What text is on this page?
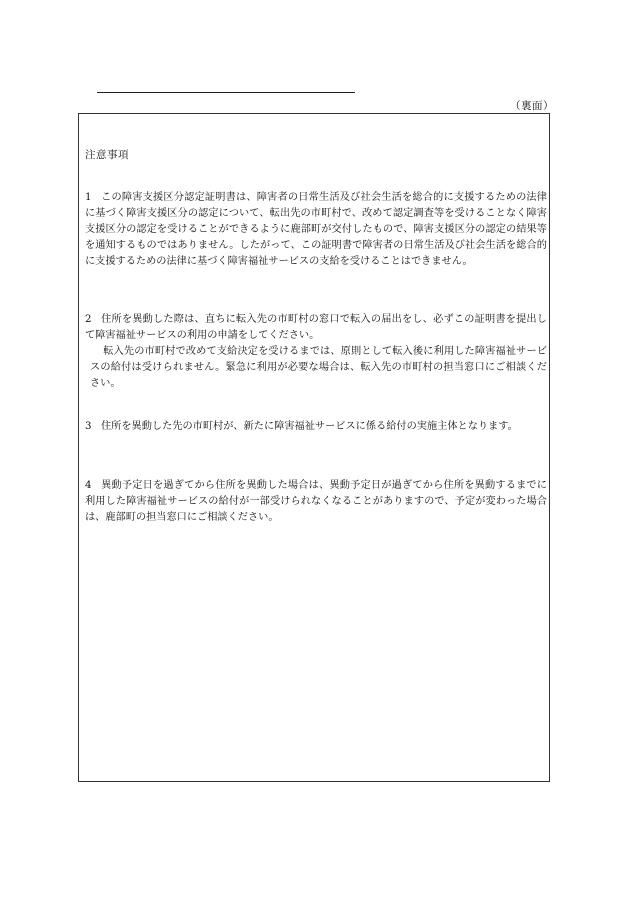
（裏面）
注意事項

1 この障害支援区分認定証明書は、障害者の日常生活及び社会生活を総合的に支援するための法律に基づく障害支援区分の認定について、転出先の市町村で、改めて認定調査等を受けることなく障害支援区分の認定を受けることができるように鹿部町が交付したもので、障害支援区分の認定の結果等を通知するものではありません。したがって、この証明書で障害者の日常生活及び社会生活を総合的に支援するための法律に基づく障害福祉サービスの支給を受けることはできません。

2 住所を異動した際は、直ちに転入先の市町村の窓口で転入の届出をし、必ずこの証明書を提出して障害福祉サービスの利用の申請をしてください。

転入先の市町村で改めて支給決定を受けるまでは、原則として転入後に利用した障害福祉サービスの給付は受けられません。緊急に利用が必要な場合は、転入先の市町村の担当窓口にご相談ください。

3 住所を異動した先の市町村が、新たに障害福祉サービスに係る給付の実施主体となります。

4 異動予定日を過ぎてから住所を異動した場合は、異動予定日が過ぎてから住所を異動するまでに利用した障害福祉サービスの給付が一部受けられなくなることがありますので、予定が変わった場合は、鹿部町の担当窓口にご相談ください。
